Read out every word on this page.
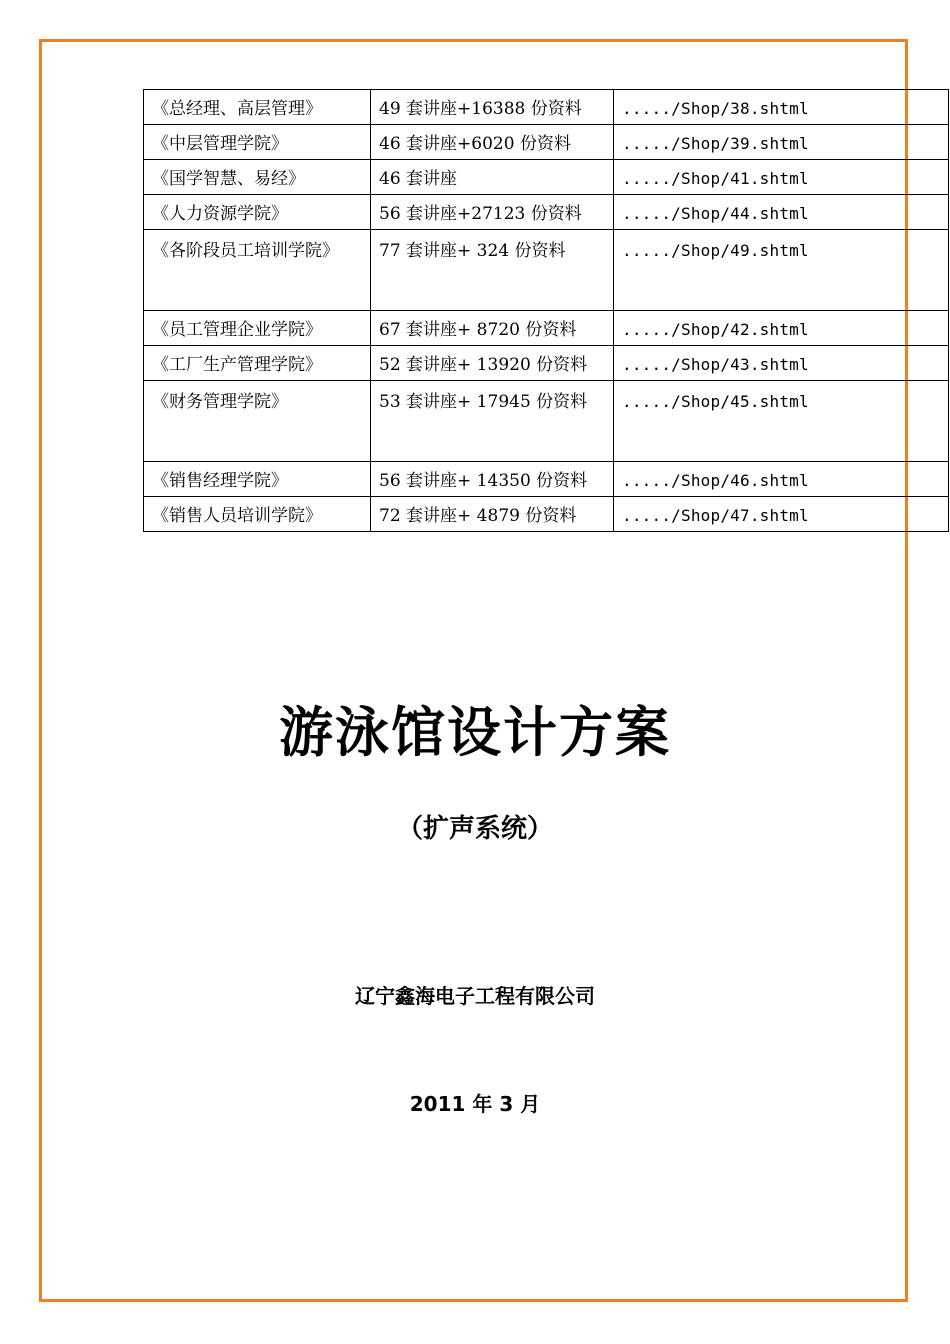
《总经理、高层管理》	49 套讲座+16388 份资料	...../Shop/38.shtml
《中层管理学院》	46 套讲座+6020 份资料	...../Shop/39.shtml
《国学智慧、易经》	46 套讲座	...../Shop/41.shtml
《人力资源学院》	56 套讲座+27123 份资料	...../Shop/44.shtml
《各阶段员工培训学院》	77 套讲座+ 324 份资料	...../Shop/49.shtml
《员工管理企业学院》	67 套讲座+ 8720 份资料	...../Shop/42.shtml
《工厂生产管理学院》	52 套讲座+ 13920 份资料	...../Shop/43.shtml
《财务管理学院》	53 套讲座+ 17945 份资料	...../Shop/45.shtml
《销售经理学院》	56 套讲座+ 14350 份资料	...../Shop/46.shtml
《销售人员培训学院》	72 套讲座+ 4879 份资料	...../Shop/47.shtml
游泳馆设计方案
（扩声系统）
辽宁鑫海电子工程有限公司
2011 年 3 月
